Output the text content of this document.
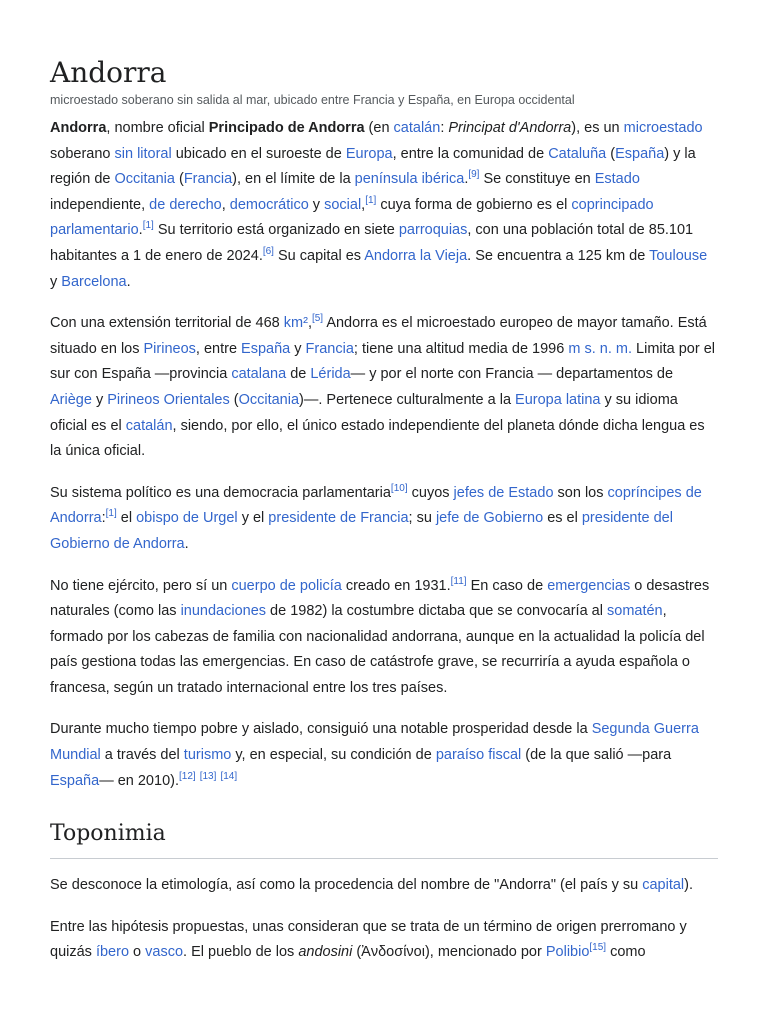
Andorra
microestado soberano sin salida al mar, ubicado entre Francia y España, en Europa occidental

Andorra, nombre oficial Principado de Andorra (en catalán: Principat d'Andorra), es un microestado soberano sin litoral ubicado en el suroeste de Europa, entre la comunidad de Cataluña (España) y la región de Occitania (Francia), en el límite de la península ibérica.[9] Se constituye en Estado independiente, de derecho, democrático y social,[1] cuya forma de gobierno es el coprincipado parlamentario.[1] Su territorio está organizado en siete parroquias, con una población total de 85.101 habitantes a 1 de enero de 2024.[6] Su capital es Andorra la Vieja. Se encuentra a 125 km de Toulouse y Barcelona.

Con una extensión territorial de 468 km²,[5] Andorra es el microestado europeo de mayor tamaño. Está situado en los Pirineos, entre España y Francia; tiene una altitud media de 1996 m s. n. m. Limita por el sur con España —provincia catalana de Lérida— y por el norte con Francia — departamentos de Ariège y Pirineos Orientales (Occitania)—. Pertenece culturalmente a la Europa latina y su idioma oficial es el catalán, siendo, por ello, el único estado independiente del planeta dónde dicha lengua es la única oficial.

Su sistema político es una democracia parlamentaria[10] cuyos jefes de Estado son los copríncipes de Andorra:[1] el obispo de Urgel y el presidente de Francia; su jefe de Gobierno es el presidente del Gobierno de Andorra.

No tiene ejército, pero sí un cuerpo de policía creado en 1931.[11] En caso de emergencias o desastres naturales (como las inundaciones de 1982) la costumbre dictaba que se convocaría al somatén, formado por los cabezas de familia con nacionalidad andorrana, aunque en la actualidad la policía del país gestiona todas las emergencias. En caso de catástrofe grave, se recurriría a ayuda española o francesa, según un tratado internacional entre los tres países.

Durante mucho tiempo pobre y aislado, consiguió una notable prosperidad desde la Segunda Guerra Mundial a través del turismo y, en especial, su condición de paraíso fiscal (de la que salió —para España— en 2010).[12] [13] [14]

Toponimia

Se desconoce la etimología, así como la procedencia del nombre de "Andorra" (el país y su capital).

Entre las hipótesis propuestas, unas consideran que se trata de un término de origen prerromano y quizás íbero o vasco. El pueblo de los andosini (Ἀνδοσίνοι), mencionado por Polibio[15] como
